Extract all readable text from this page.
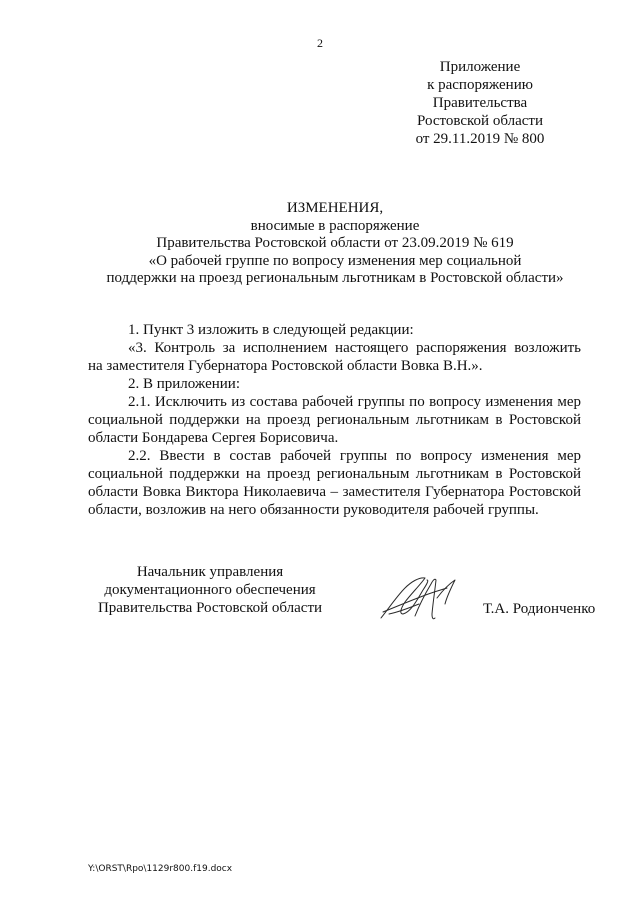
2
Приложение
к распоряжению
Правительства
Ростовской области
от 29.11.2019 № 800
ИЗМЕНЕНИЯ,
вносимые в распоряжение
Правительства Ростовской области от 23.09.2019 № 619
«О рабочей группе по вопросу изменения мер социальной
поддержки на проезд региональным льготникам в Ростовской области»
1. Пункт 3 изложить в следующей редакции:
«3. Контроль за исполнением настоящего распоряжения возложить
на заместителя Губернатора Ростовской области Вовка В.Н.».
2. В приложении:
2.1. Исключить из состава рабочей группы по вопросу изменения мер
социальной поддержки на проезд региональным льготникам в Ростовской
области Бондарева Сергея Борисовича.
2.2. Ввести в состав рабочей группы по вопросу изменения мер
социальной поддержки на проезд региональным льготникам в Ростовской
области Вовка Виктора Николаевича – заместителя Губернатора Ростовской
области, возложив на него обязанности руководителя рабочей группы.
Начальник управления
документационного обеспечения
Правительства Ростовской области	Т.А. Родионченко
Y:\ORST\Rpo\1129r800.f19.docx
